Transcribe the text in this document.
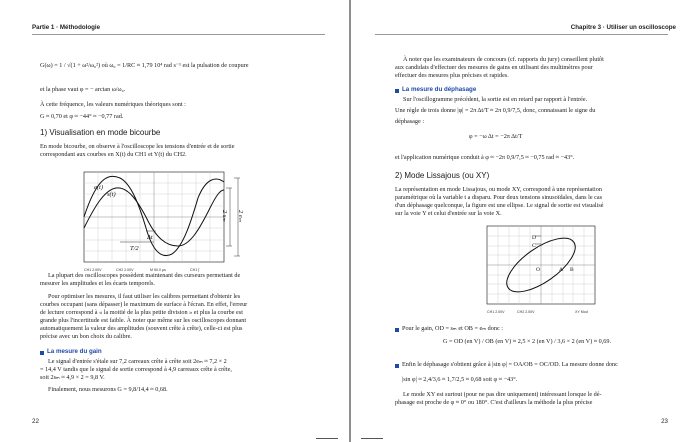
Partie 1 · Méthodologie
G(ω) = 1 / √(1 + ω²/ω₀²) où ω₀ = 1/RC ≈ 1,79 10⁴ rad s⁻¹ est la pulsation de coupure
et la phase vaut φ = − arctan ω/ω₀.
À cette fréquence, les valeurs numériques théoriques sont :
G ≈ 0,70 et φ ≈ −44° ≈ −0,77 rad.
1) Visualisation en mode bicourbe
En mode bicourbe, on observe à l'oscilloscope les tensions d'entrée et de sortie
correspondant aux courbes en X(t) du CH1 et Y(t) du CH2.
e(t)
s(t)
T/2
Δt
2 sₘ 2 eₘ
CH1 2.00V	CH2 2.00V	M 50.0 μs	CH1 ∫
La plupart des oscilloscopes possèdent maintenant des curseurs permettant de
mesurer les amplitudes et les écarts temporels.
Pour optimiser les mesures, il faut utiliser les calibres permettant d'obtenir les
courbes occupant (sans dépasser) le maximum de surface à l'écran. En effet, l'erreur
de lecture correspond à « la moitié de la plus petite division » et plus la courbe est
grande plus l'incertitude est faible. À noter que même sur les oscilloscopes donnant
automatiquement la valeur des amplitudes (souvent crête à crête), celle-ci est plus
précise avec un bon choix du calibre.
La mesure du gain
Le signal d'entrée s'étale sur 7,2 carreaux crête à crête soit 2eₘ ≈ 7,2 × 2
= 14,4 V tandis que le signal de sortie correspond à 4,9 carreaux crête à crête,
soit 2sₘ ≈ 4,9 × 2 = 9,8 V.
Finalement, nous mesurons G = 9,8/14,4 ≈ 0,68.
22
Chapitre 3 · Utiliser un oscilloscope
À noter que les examinateurs de concours (cf. rapports du jury) conseillent plutôt
aux candidats d'effectuer des mesures de gains en utilisant des multimètres pour
effectuer des mesures plus précises et rapides.
La mesure du déphasage
Sur l'oscillogramme précédent, la sortie est en retard par rapport à l'entrée.
Une règle de trois donne |φ| = 2π Δt/T ≈ 2π 0,9/7,5, donc, connaissant le signe du
déphasage :
φ = −ω Δt = −2π Δt/T
et l'application numérique conduit à φ ≈ −2π 0,9/7,5 ≈ −0,75 rad ≈ −43°.
2) Mode Lissajous (ou XY)
La représentation en mode Lissajous, ou mode XY, correspond à une représentation
paramétrique où la variable t a disparu. Pour deux tensions sinusoïdales, dans le cas
d'un déphasage quelconque, la figure est une ellipse. Le signal de sortie est visualisé
sur la voie Y et celui d'entrée sur la voie X.
D
C
O	A B
CH1 2.00V	CH2 2.00V	XY Mod
Pour le gain, OD = sₘ et OB = eₘ donc :
G = OD (en V) / OB (en V) ≈ 2,5 × 2 (en V) / 3,6 × 2 (en V) ≈ 0,69.
Enfin le déphasage s'obtient grâce à |sin φ| = OA/OB = OC/OD. La mesure donne donc
|sin φ| ≈ 2,4/3,6 ≈ 1,7/2,5 ≈ 0,68 soit φ ≈ −43°.
Le mode XY est surtout (pour ne pas dire uniquement) intéressant lorsque le dé-
phasage est proche de φ ≈ 0° ou 180°. C'est d'ailleurs la méthode la plus précise
23
